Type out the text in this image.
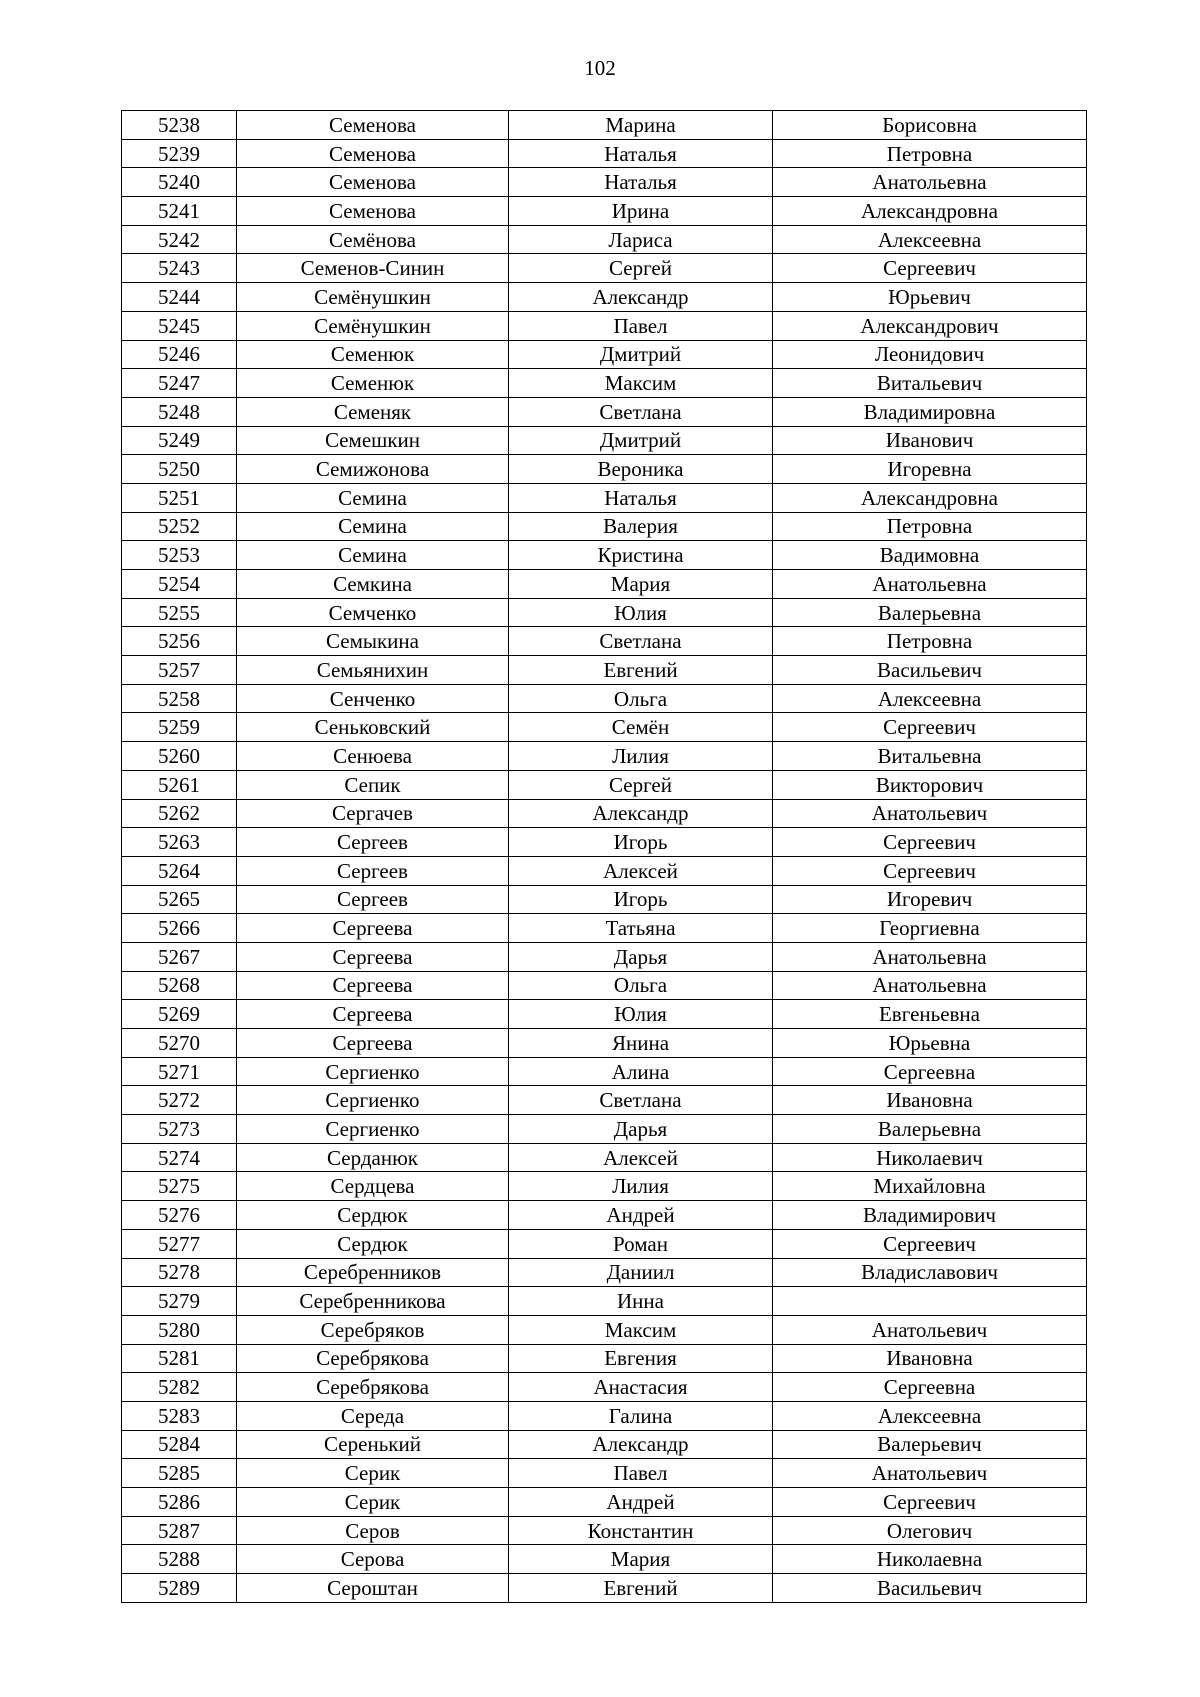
102
5238	Семенова	Марина	Борисовна
5239	Семенова	Наталья	Петровна
5240	Семенова	Наталья	Анатольевна
5241	Семенова	Ирина	Александровна
5242	Семёнова	Лариса	Алексеевна
5243	Семенов-Синин	Сергей	Сергеевич
5244	Семёнушкин	Александр	Юрьевич
5245	Семёнушкин	Павел	Александрович
5246	Семенюк	Дмитрий	Леонидович
5247	Семенюк	Максим	Витальевич
5248	Семеняк	Светлана	Владимировна
5249	Семешкин	Дмитрий	Иванович
5250	Семижонова	Вероника	Игоревна
5251	Семина	Наталья	Александровна
5252	Семина	Валерия	Петровна
5253	Семина	Кристина	Вадимовна
5254	Семкина	Мария	Анатольевна
5255	Семченко	Юлия	Валерьевна
5256	Семыкина	Светлана	Петровна
5257	Семьянихин	Евгений	Васильевич
5258	Сенченко	Ольга	Алексеевна
5259	Сеньковский	Семён	Сергеевич
5260	Сенюева	Лилия	Витальевна
5261	Сепик	Сергей	Викторович
5262	Сергачев	Александр	Анатольевич
5263	Сергеев	Игорь	Сергеевич
5264	Сергеев	Алексей	Сергеевич
5265	Сергеев	Игорь	Игоревич
5266	Сергеева	Татьяна	Георгиевна
5267	Сергеева	Дарья	Анатольевна
5268	Сергеева	Ольга	Анатольевна
5269	Сергеева	Юлия	Евгеньевна
5270	Сергеева	Янина	Юрьевна
5271	Сергиенко	Алина	Сергеевна
5272	Сергиенко	Светлана	Ивановна
5273	Сергиенко	Дарья	Валерьевна
5274	Серданюк	Алексей	Николаевич
5275	Сердцева	Лилия	Михайловна
5276	Сердюк	Андрей	Владимирович
5277	Сердюк	Роман	Сергеевич
5278	Серебренников	Даниил	Владиславович
5279	Серебренникова	Инна	
5280	Серебряков	Максим	Анатольевич
5281	Серебрякова	Евгения	Ивановна
5282	Серебрякова	Анастасия	Сергеевна
5283	Середа	Галина	Алексеевна
5284	Серенький	Александр	Валерьевич
5285	Серик	Павел	Анатольевич
5286	Серик	Андрей	Сергеевич
5287	Серов	Константин	Олегович
5288	Серова	Мария	Николаевна
5289	Сероштан	Евгений	Васильевич
